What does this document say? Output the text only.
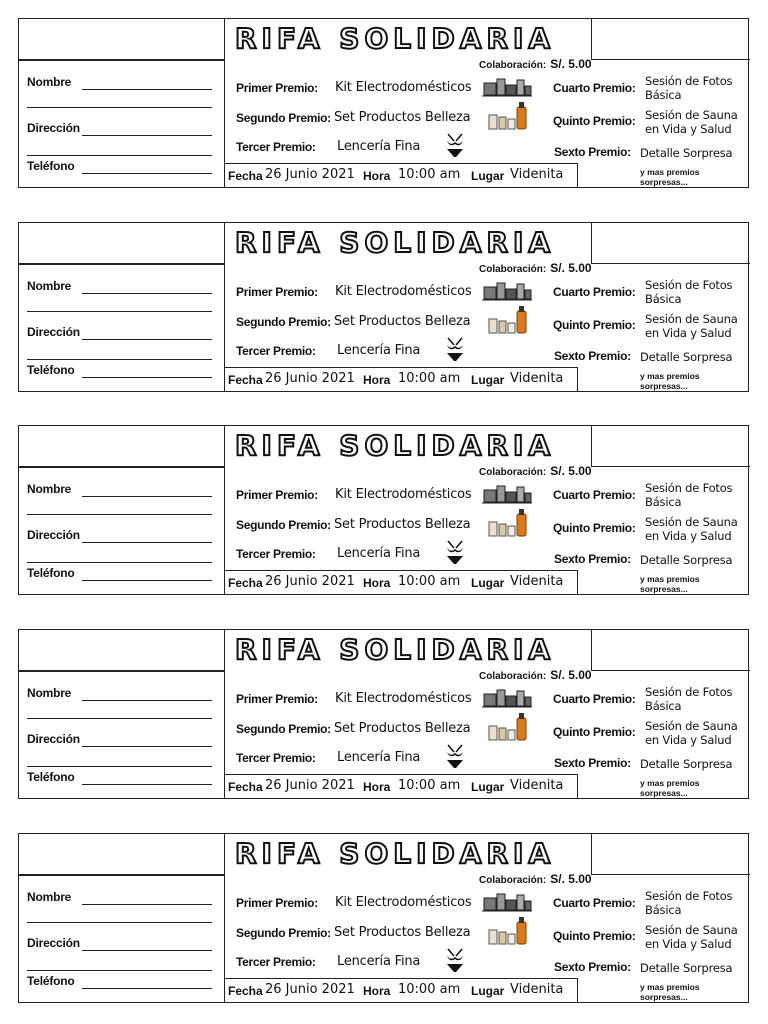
Nombre
Dirección
Teléfono
RIFA SOLIDARIA
Colaboración: S/. 5.00
Primer Premio: Kit Electrodomésticos
Segundo Premio: Set Productos Belleza
Tercer Premio: Lencería Fina
Cuarto Premio: Sesión de Fotos
Básica
Quinto Premio: Sesión de Sauna
en Vida y Salud
Sexto Premio: Detalle Sorpresa
y mas premios sorpresas...
Fecha 26 Junio 2021 Hora 10:00 am Lugar Videnita
Nombre
Dirección
Teléfono
RIFA SOLIDARIA
Colaboración: S/. 5.00
Primer Premio: Kit Electrodomésticos
Segundo Premio: Set Productos Belleza
Tercer Premio: Lencería Fina
Cuarto Premio: Sesión de Fotos
Básica
Quinto Premio: Sesión de Sauna
en Vida y Salud
Sexto Premio: Detalle Sorpresa
y mas premios sorpresas...
Fecha 26 Junio 2021 Hora 10:00 am Lugar Videnita
Nombre
Dirección
Teléfono
RIFA SOLIDARIA
Colaboración: S/. 5.00
Primer Premio: Kit Electrodomésticos
Segundo Premio: Set Productos Belleza
Tercer Premio: Lencería Fina
Cuarto Premio: Sesión de Fotos
Básica
Quinto Premio: Sesión de Sauna
en Vida y Salud
Sexto Premio: Detalle Sorpresa
y mas premios sorpresas...
Fecha 26 Junio 2021 Hora 10:00 am Lugar Videnita
Nombre
Dirección
Teléfono
RIFA SOLIDARIA
Colaboración: S/. 5.00
Primer Premio: Kit Electrodomésticos
Segundo Premio: Set Productos Belleza
Tercer Premio: Lencería Fina
Cuarto Premio: Sesión de Fotos
Básica
Quinto Premio: Sesión de Sauna
en Vida y Salud
Sexto Premio: Detalle Sorpresa
y mas premios sorpresas...
Fecha 26 Junio 2021 Hora 10:00 am Lugar Videnita
Nombre
Dirección
Teléfono
RIFA SOLIDARIA
Colaboración: S/. 5.00
Primer Premio: Kit Electrodomésticos
Segundo Premio: Set Productos Belleza
Tercer Premio: Lencería Fina
Cuarto Premio: Sesión de Fotos
Básica
Quinto Premio: Sesión de Sauna
en Vida y Salud
Sexto Premio: Detalle Sorpresa
y mas premios sorpresas...
Fecha 26 Junio 2021 Hora 10:00 am Lugar Videnita
